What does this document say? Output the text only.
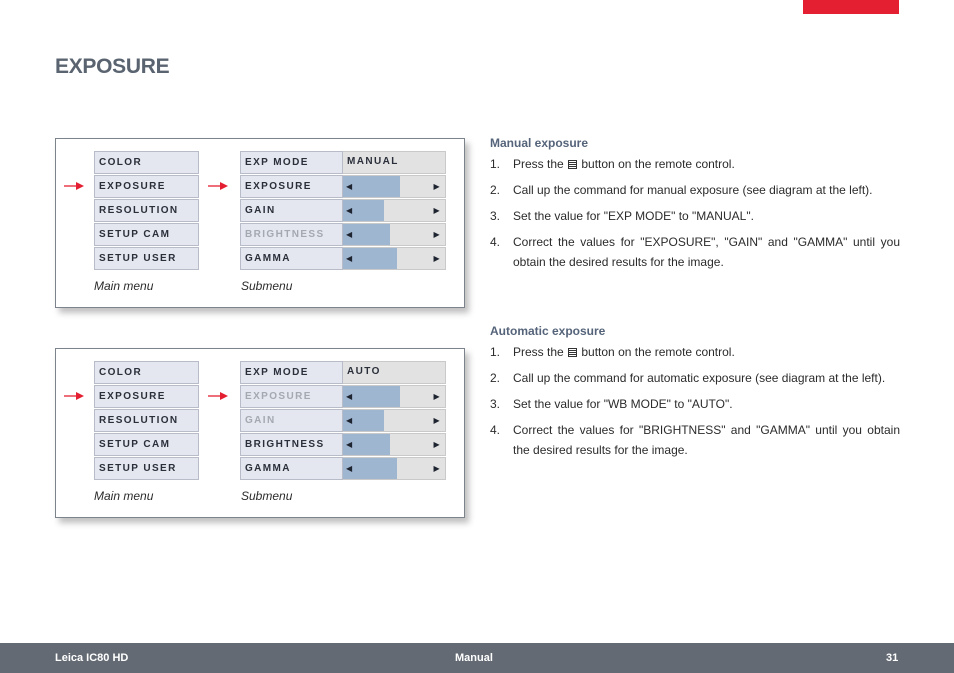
EXPOSURE
COLOR
EXPOSURE
RESOLUTION
SETUP CAM
SETUP USER
EXP MODE	MANUAL
EXPOSURE	◀	▶
GAIN	◀	▶
BRIGHTNESS	◀	▶
GAMMA	◀	▶
Main menu	Submenu
COLOR
EXPOSURE
RESOLUTION
SETUP CAM
SETUP USER
EXP MODE	AUTO
EXPOSURE	◀	▶
GAIN	◀	▶
BRIGHTNESS	◀	▶
GAMMA	◀	▶
Main menu	Submenu
Manual exposure
1. Press the  button on the remote control.
2. Call up the command for manual exposure (see diagram at the left).
3. Set the value for "EXP MODE" to "MANUAL".
4. Correct the values for "EXPOSURE", "GAIN" and "GAMMA" until you obtain the desired results for the image.
Automatic exposure
1. Press the  button on the remote control.
2. Call up the command for automatic exposure (see diagram at the left).
3. Set the value for "WB MODE" to "AUTO".
4. Correct the values for "BRIGHTNESS" and "GAMMA" until you obtain the desired results for the image.
Leica IC80 HD	Manual	31
